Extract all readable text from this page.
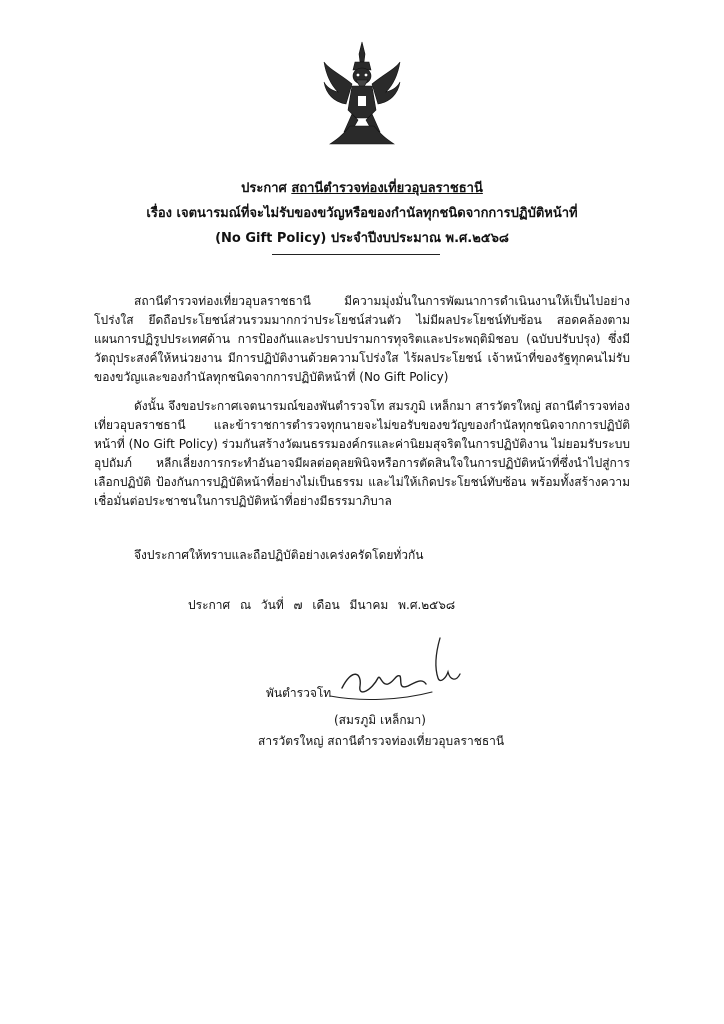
ประกาศ สถานีตำรวจท่องเที่ยวอุบลราชธานี
เรื่อง เจตนารมณ์ที่จะไม่รับของขวัญหรือของกำนัลทุกชนิดจากการปฏิบัติหน้าที่
(No Gift Policy) ประจำปีงบประมาณ พ.ศ.๒๕๖๘

สถานีตำรวจท่องเที่ยวอุบลราชธานี มีความมุ่งมั่นในการพัฒนาการดำเนินงานให้เป็นไปอย่างโปร่งใส ยึดถือประโยชน์ส่วนรวมมากกว่าประโยชน์ส่วนตัว ไม่มีผลประโยชน์ทับซ้อน สอดคล้องตามแผนการปฏิรูปประเทศด้าน การป้องกันและปราบปรามการทุจริตและประพฤติมิชอบ (ฉบับปรับปรุง) ซึ่งมีวัตถุประสงค์ให้หน่วยงาน มีการปฏิบัติงานด้วยความโปร่งใส ไร้ผลประโยชน์ เจ้าหน้าที่ของรัฐทุกคนไม่รับของขวัญและของกำนัลทุกชนิดจากการปฏิบัติหน้าที่ (No Gift Policy)

ดังนั้น จึงขอประกาศเจตนารมณ์ของพันตำรวจโท สมรภูมิ เหล็กมา สารวัตรใหญ่ สถานีตำรวจท่องเที่ยวอุบลราชธานี และข้าราชการตำรวจทุกนายจะไม่ขอรับของขวัญของกำนัลทุกชนิดจากการปฏิบัติหน้าที่ (No Gift Policy) ร่วมกันสร้างวัฒนธรรมองค์กรและค่านิยมสุจริตในการปฏิบัติงาน ไม่ยอมรับระบบอุปถัมภ์ หลีกเลี่ยงการกระทำอันอาจมีผลต่อดุลยพินิจหรือการตัดสินใจในการปฏิบัติหน้าที่ซึ่งนำไปสู่การเลือกปฏิบัติ ป้องกันการปฏิบัติหน้าที่อย่างไม่เป็นธรรม และไม่ให้เกิดประโยชน์ทับซ้อน พร้อมทั้งสร้างความเชื่อมั่นต่อประชาชนในการปฏิบัติหน้าที่อย่างมีธรรมาภิบาล

จึงประกาศให้ทราบและถือปฏิบัติอย่างเคร่งครัดโดยทั่วกัน
ประกาศ ณ วันที่ ๗ เดือน มีนาคม พ.ศ.๒๕๖๘
พันตำรวจโท
(สมรภูมิ เหล็กมา)
สารวัตรใหญ่ สถานีตำรวจท่องเที่ยวอุบลราชธานี
